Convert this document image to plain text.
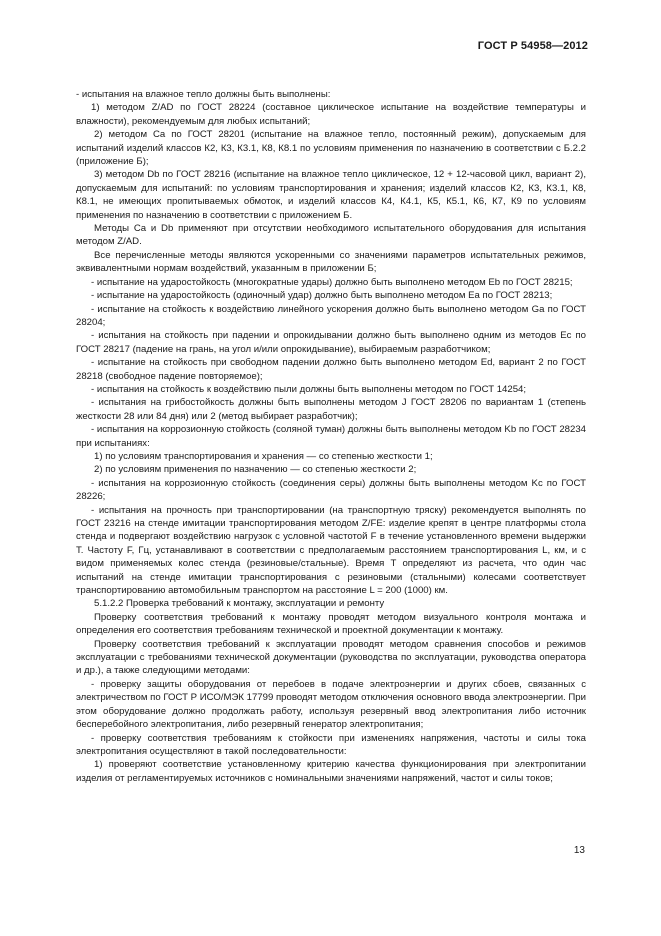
ГОСТ Р 54958—2012

- испытания на влажное тепло должны быть выполнены:

1) методом Z/AD по ГОСТ 28224 (составное циклическое испытание на воздействие температуры и влажности), рекомендуемым для любых испытаний;

2) методом Ca по ГОСТ 28201 (испытание на влажное тепло, постоянный режим), допускаемым для испытаний изделий классов К2, К3, К3.1, К8, К8.1 по условиям применения по назначению в соответствии с Б.2.2 (приложение Б);

3) методом Db по ГОСТ 28216 (испытание на влажное тепло циклическое, 12 + 12-часовой цикл, вариант 2), допускаемым для испытаний: по условиям транспортирования и хранения; изделий классов К2, К3, К3.1, К8, К8.1, не имеющих пропитываемых обмоток, и изделий классов К4, К4.1, К5, К5.1, К6, К7, К9 по условиям применения по назначению в соответствии с приложением Б.

Методы Ca и Db применяют при отсутствии необходимого испытательного оборудования для испытания методом Z/AD.

Все перечисленные методы являются ускоренными со значениями параметров испытательных режимов, эквивалентными нормам воздействий, указанным в приложении Б;

- испытание на ударостойкость (многократные удары) должно быть выполнено методом Eb по ГОСТ 28215;

- испытание на ударостойкость (одиночный удар) должно быть выполнено методом Ea по ГОСТ 28213;

- испытание на стойкость к воздействию линейного ускорения должно быть выполнено методом Ga по ГОСТ 28204;

- испытания на стойкость при падении и опрокидывании должно быть выполнено одним из методов Ec по ГОСТ 28217 (падение на грань, на угол и/или опрокидывание), выбираемым разработчиком;

- испытание на стойкость при свободном падении должно быть выполнено методом Ed, вариант 2 по ГОСТ 28218 (свободное падение повторяемое);

- испытания на стойкость к воздействию пыли должны быть выполнены методом по ГОСТ 14254;

- испытания на грибостойкость должны быть выполнены методом J ГОСТ 28206 по вариантам 1 (степень жесткости 28 или 84 дня) или 2 (метод выбирает разработчик);

- испытания на коррозионную стойкость (соляной туман) должны быть выполнены методом Kb по ГОСТ 28234 при испытаниях:

1) по условиям транспортирования и хранения — со степенью жесткости 1;

2) по условиям применения по назначению — со степенью жесткости 2;

- испытания на коррозионную стойкость (соединения серы) должны быть выполнены методом Kc по ГОСТ 28226;

- испытания на прочность при транспортировании (на транспортную тряску) рекомендуется выполнять по ГОСТ 23216 на стенде имитации транспортирования методом Z/FE: изделие крепят в центре платформы стола стенда и подвергают воздействию нагрузок с условной частотой F в течение установленного времени выдержки T. Частоту F, Гц, устанавливают в соответствии с предполагаемым расстоянием транспортирования L, км, и с видом применяемых колес стенда (резиновые/стальные). Время T определяют из расчета, что один час испытаний на стенде имитации транспортирования с резиновыми (стальными) колесами соответствует транспортированию автомобильным транспортом на расстояние L = 200 (1000) км.

5.1.2.2 Проверка требований к монтажу, эксплуатации и ремонту

Проверку соответствия требований к монтажу проводят методом визуального контроля монтажа и определения его соответствия требованиям технической и проектной документации к монтажу.

Проверку соответствия требований к эксплуатации проводят методом сравнения способов и режимов эксплуатации с требованиями технической документации (руководства по эксплуатации, руководства оператора и др.), а также следующими методами:

- проверку защиты оборудования от перебоев в подаче электроэнергии и других сбоев, связанных с электричеством по ГОСТ Р ИСО/МЭК 17799 проводят методом отключения основного ввода электроэнергии. При этом оборудование должно продолжать работу, используя резервный ввод электропитания либо источник бесперебойного электропитания, либо резервный генератор электропитания;

- проверку соответствия требованиям к стойкости при изменениях напряжения, частоты и силы тока электропитания осуществляют в такой последовательности:

1) проверяют соответствие установленному критерию качества функционирования при электропитании изделия от регламентируемых источников с номинальными значениями напряжений, частот и силы токов;

13
